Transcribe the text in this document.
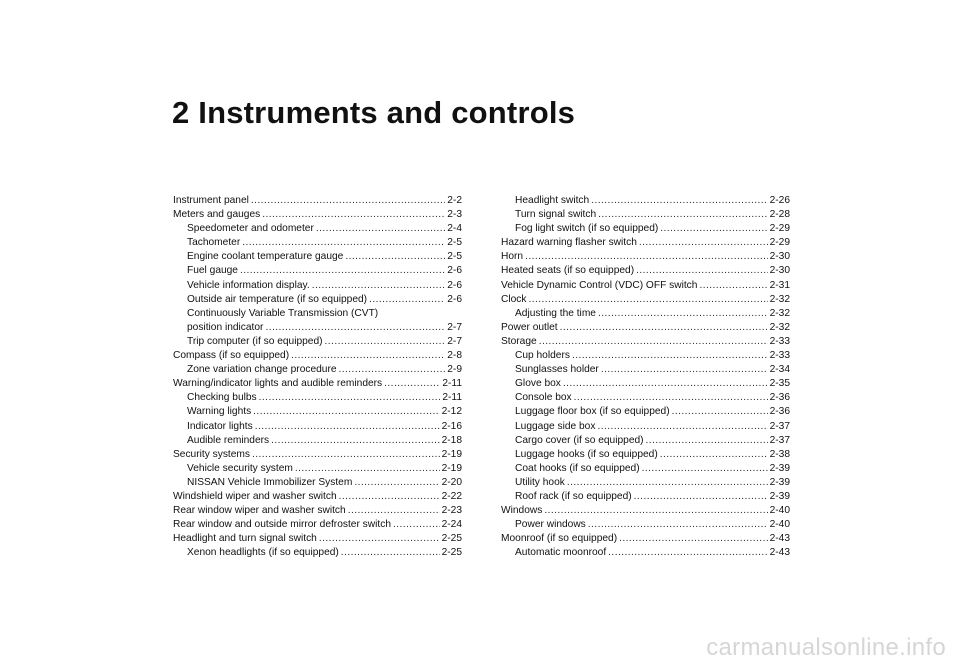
2 Instruments and controls
Instrument panel . . .	2-2
Meters and gauges . . .	2-3
Speedometer and odometer . . .	2-4
Tachometer . . .	2-5
Engine coolant temperature gauge . . .	2-5
Fuel gauge . . .	2-6
Vehicle information display. . . .	2-6
Outside air temperature (if so equipped) . . .	2-6
Continuously Variable Transmission (CVT)
position indicator . . .	2-7
Trip computer (if so equipped) . . .	2-7
Compass (if so equipped) . . .	2-8
Zone variation change procedure . . .	2-9
Warning/indicator lights and audible reminders . . .	2-11
Checking bulbs . . .	2-11
Warning lights . . .	2-12
Indicator lights . . .	2-16
Audible reminders . . .	2-18
Security systems . . .	2-19
Vehicle security system . . .	2-19
NISSAN Vehicle Immobilizer System . . .	2-20
Windshield wiper and washer switch . . .	2-22
Rear window wiper and washer switch . . .	2-23
Rear window and outside mirror defroster switch . . .	2-24
Headlight and turn signal switch . . .	2-25
Xenon headlights (if so equipped) . . .	2-25
Headlight switch . . .	2-26
Turn signal switch . . .	2-28
Fog light switch (if so equipped) . . .	2-29
Hazard warning flasher switch . . .	2-29
Horn . . .	2-30
Heated seats (if so equipped) . . .	2-30
Vehicle Dynamic Control (VDC) OFF switch . . .	2-31
Clock . . .	2-32
Adjusting the time . . .	2-32
Power outlet . . .	2-32
Storage . . .	2-33
Cup holders . . .	2-33
Sunglasses holder . . .	2-34
Glove box . . .	2-35
Console box . . .	2-36
Luggage floor box (if so equipped) . . .	2-36
Luggage side box . . .	2-37
Cargo cover (if so equipped) . . .	2-37
Luggage hooks (if so equipped) . . .	2-38
Coat hooks (if so equipped) . . .	2-39
Utility hook . . .	2-39
Roof rack (if so equipped) . . .	2-39
Windows . . .	2-40
Power windows . . .	2-40
Moonroof (if so equipped) . . .	2-43
Automatic moonroof . . .	2-43
carmanualsonline.info
